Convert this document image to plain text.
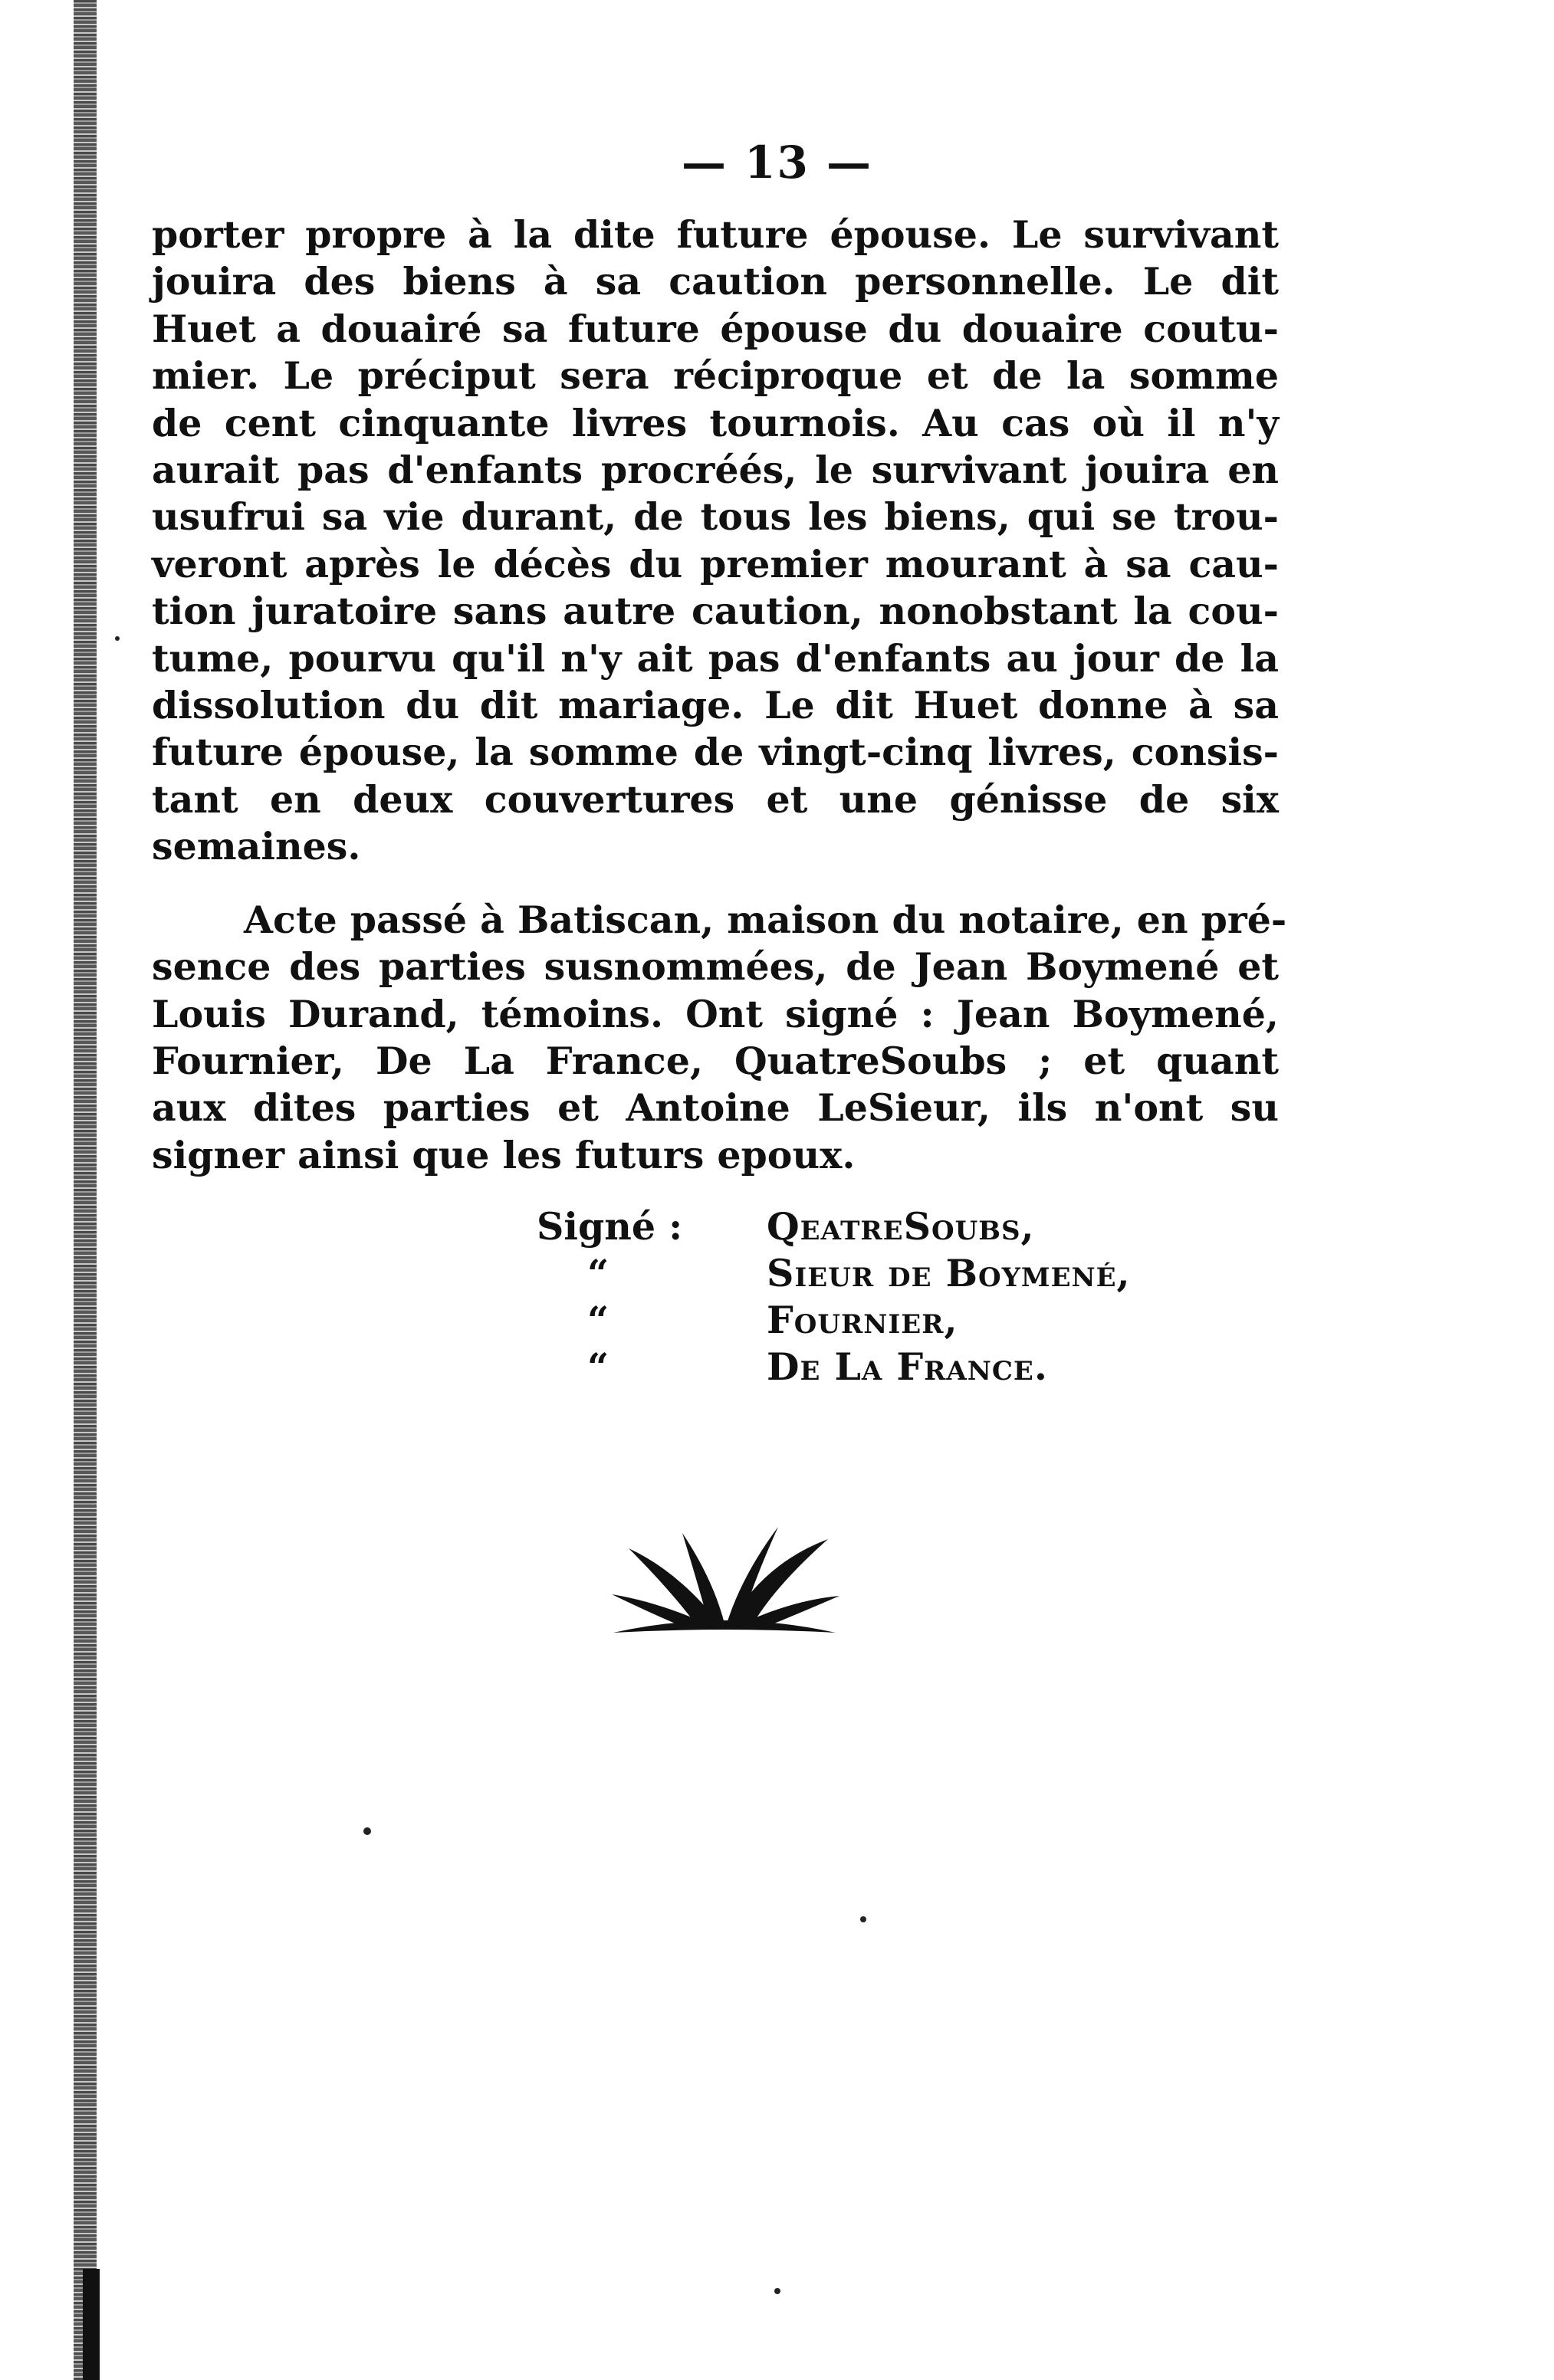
— 13 —
porter propre à la dite future épouse. Le survivant
jouira des biens à sa caution personnelle. Le dit
Huet a douairé sa future épouse du douaire coutu-
mier. Le préciput sera réciproque et de la somme
de cent cinquante livres tournois. Au cas où il n'y
aurait pas d'enfants procréés, le survivant jouira en
usufrui sa vie durant, de tous les biens, qui se trou-
veront après le décès du premier mourant à sa cau-
tion juratoire sans autre caution, nonobstant la cou-
tume, pourvu qu'il n'y ait pas d'enfants au jour de la
dissolution du dit mariage. Le dit Huet donne à sa
future épouse, la somme de vingt-cinq livres, consis-
tant en deux couvertures et une génisse de six
semaines.
Acte passé à Batiscan, maison du notaire, en pré-
sence des parties susnommées, de Jean Boymené et
Louis Durand, témoins. Ont signé : Jean Boymené,
Fournier, De La France, QuatreSoubs ; et quant
aux dites parties et Antoine LeSieur, ils n'ont su
signer ainsi que les futurs epoux.
Signé :	QeatreSoubs,
“	Sieur de Boymené,
“	Fournier,
“	De La France.
